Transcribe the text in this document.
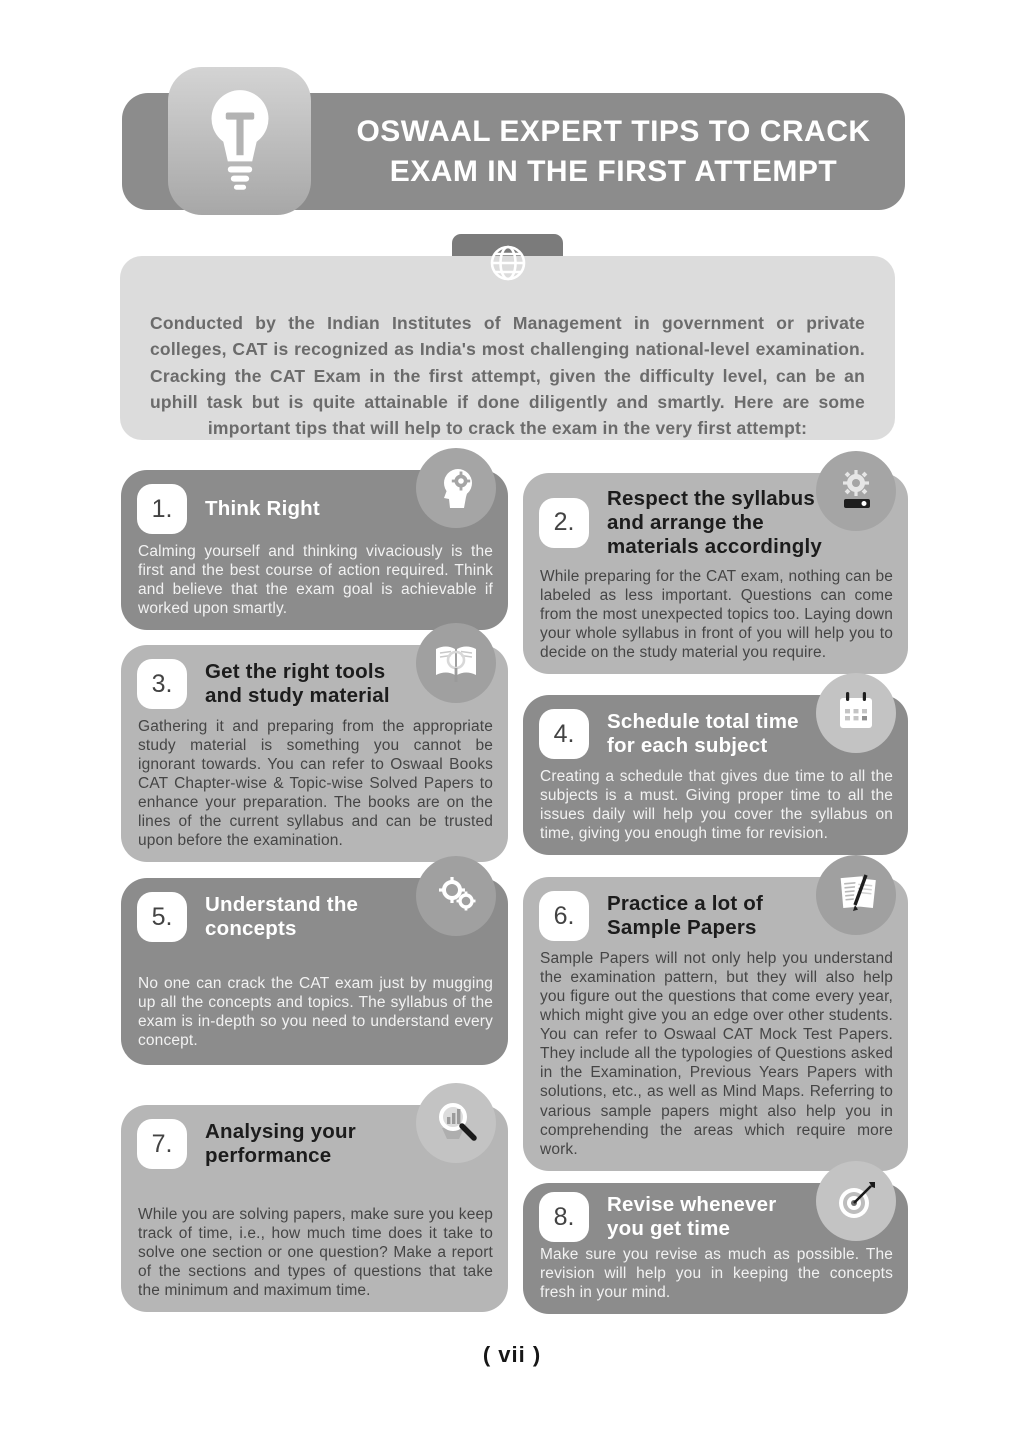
OSWAAL EXPERT TIPS TO CRACK
EXAM IN THE FIRST ATTEMPT
Conducted by the Indian Institutes of Management in government or private colleges, CAT is recognized as India's most challenging national-level examination. Cracking the CAT Exam in the first attempt, given the difficulty level, can be an uphill task but is quite attainable if done diligently and smartly. Here are some important tips that will help to crack the exam in the very first attempt:
1. Think Right

Calming yourself and thinking vivaciously is the first and the best course of action required. Think and believe that the exam goal is achievable if worked upon smartly.

2.
Respect the syllabus and arrange the materials accordingly

While preparing for the CAT exam, nothing can be labeled as less important. Questions can come from the most unexpected topics too. Laying down your whole syllabus in front of you will help you to decide on the study material you require.

3. Get the right tools and study material

Gathering it and preparing from the appropriate study material is something you cannot be ignorant towards. You can refer to Oswaal Books CAT Chapter-wise & Topic-wise Solved Papers to enhance your preparation. The books are on the lines of the current syllabus and can be trusted upon before the examination.

4. Schedule total time for each subject

Creating a schedule that gives due time to all the subjects is a must. Giving proper time to all the issues daily will help you cover the syllabus on time, giving you enough time for revision.

5. Understand the concepts

No one can crack the CAT exam just by mugging up all the concepts and topics. The syllabus of the exam is in-depth so you need to understand every concept.

6. Practice a lot of Sample Papers

Sample Papers will not only help you understand the examination pattern, but they will also help you figure out the questions that come every year, which might give you an edge over other students. You can refer to Oswaal CAT Mock Test Papers. They include all the typologies of Questions asked in the Examination, Previous Years Papers with solutions, etc., as well as Mind Maps. Referring to various sample papers might also help you in comprehending the areas which require more work.

7. Analysing your performance

While you are solving papers, make sure you keep track of time, i.e., how much time does it take to solve one section or one question? Make a report of the sections and types of questions that take the minimum and maximum time.

8. Revise whenever you get time

Make sure you revise as much as possible. The revision will help you in keeping the concepts fresh in your mind.

( vii )
